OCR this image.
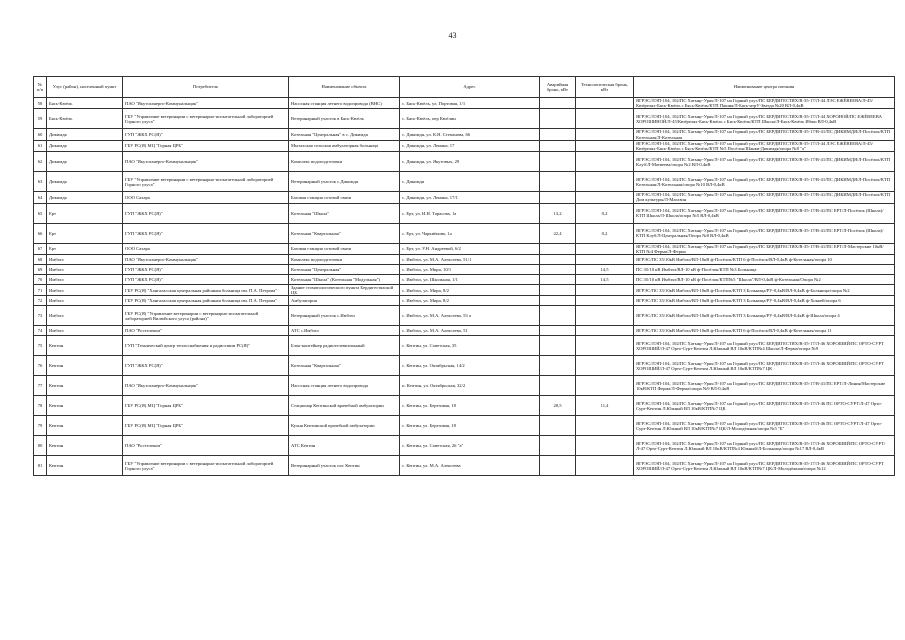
43
№ п/п	Улус (район), населенный пункт	Потребитель	Наименование объекта	Адрес	Аварийная бронь, кВт	Технологическая бронь, кВт	Наименование центра питания
58	Бясь-Кюёль	ПАО "Якутскэнерго-Коммунальщик"	Насосная станция летнего водопровода (ВНС)	с. Бясь-Кюёль, ул. Портовая, 1/1			ЯГРЭС/ЛЭП-104, 102/ПС Хатыңг-Урях/Л-107 на Горный улус/ПС БЕРДИГЕСТЯХ/В-35-17/Л-44 ЛЭС ЕЖЁВЕЕВА/Л-45/Кюёрелях-Бясь-Кюёль с Бясь-Кюёль/КТП Пашня/Л-Бясь-нтрУ-Звезда №20 ВЛ-0,4кВ
59	Бясь-Кюёль	ГБУ "Управление ветеринарии с ветеринарно-испытательной лабораторией Горного улуса"	Ветеринарный участок в Бясь-Кюёль	с. Бясь-Кюёль, пер Кюёлин			ЯГРЭС/ЛЭП-104, 102/ПС Хатыңг-Урях/Л-107 на Горный улус/ПС БЕРДИГЕСТЯХ/В-35-17/Л-44 ХОРОНОЙ/ПС ЕЖЁВЕЕВА ХОРОШИНОЙ/Л-45/Кюёрелях-Бясь-Кюёль с Бясь-Кюёль/КТП Школа/Л-Бясь-Кюёль Ибжи ВЛ-0,4кВ
60	Дикимдя	ГУП "ЖКХ РС(Я)"	Котельная "Центральная" в с. Дикимдя	с. Дикимдя, ул. К.Н. Степанова, 66			ЯГРЭС/ЛЭП-104, 102/ПС Хатыңг-Урях/Л-107 на Горный улус/ПС БЕРДИГЕСТЯХ/В-35-17/В-41/ПС ДИКИМДЯ/Л-Посёлок/КТП Котельная/Л-Котельная
61	Дикимдя	ГБУ РС(Я) МЦ "Горная ЦРБ"	Мытахская сельская амбулаторная больница	с. Дикимдя, ул. Ленина, 17			ЯГРЭС/ЛЭП-104, 102/ПС Хатыңг-Урях/Л-107 на Горный улус/ПС БЕРДИГЕСТЯХ/В-35-17/Л-44 ЛЭС ЕЖЁВЕЕВА/Л-45/Кюёрелях-Бясь-Кюёль с Бясь-Кюёль/КТП №5 Посёлок/Шанки-Дикимдя/опора №8 "а"
62	Дикимдя	ПАО "Якутскэнерго-Коммунальщик"	Комплекс водоподготовки	с. Дикимдя, ул. Якутовых, 29			ЯГРЭС/ЛЭП-104, 102/ПС Хатыңг-Урях/Л-107 на Горный улус/ПС БЕРДИГЕСТЯХ/В-35-17/В-41/ПС ДИКИМДЯ/Л-Посёлок/КТП Клуб/Л-Матвеева/опора №2 ВЛ-0,4кВ
63	Дикимдя	ГБУ "Управление ветеринарии с ветеринарно-испытательной лабораторией Горного улуса"	Ветеринарный участок с.Дикимдя	с. Дикимдя			ЯГРЭС/ЛЭП-104, 102/ПС Хатыңг-Урях/Л-107 на Горный улус/ПС БЕРДИГЕСТЯХ/В-35-17/В-41/ПС ДИКИМДЯ/Л-Посёлок/КТП Котельная/Л-Котельная/опора №10 ВЛ-0,4кВ
64	Дикимдя	ООО Сахара	Базовая станция сотовой связи	с. Дикимдя, ул. Ленина, 17/1			ЯГРЭС/ЛЭП-104, 102/ПС Хатыңг-Урях/Л-107 на Горный улус/ПС БЕРДИГЕСТЯХ/В-35-17/В-41/ПС ДИКИМДЯ/Л-Посёлок/КТП Дом культуры/Л-Магазин
65	Ерт	ГУП "ЖКХ РС(Я)"	Котельная "Школа"	с. Ерт, ул. И.Н. Тарасова, 1а	13,2	0,2	ЯГРЭС/ЛЭП-104, 102/ПС Хатыңг-Урях/Л-107 на Горный улус/ПС БЕРДИГЕСТЯХ/В-35-17/В-41/ПС ЕРТ/Л-Посёлок (Школа)/КТП Школа/Л-Школа/опора №5 ВЛ-0,4кВ
66	Ерт	ГУП "ЖКХ РС(Я)"	Котельная "Квартальная"	с. Ерт, ул. Чаркиёнова, 1а	22,4	0,2	ЯГРЭС/ЛЭП-104, 102/ПС Хатыңг-Урях/Л-107 на Горный улус/ПС БЕРДИГЕСТЯХ/В-35-17/В-41/ПС ЕРТ/Л-Посёлок (Школа)/КТП Клуб/Л-Центральная/Опора №8 ВЛ-0,4кВ
67	Ерт	ООО Сахара	Базовая станция сотовой связи	с. Ерт, ул. У.Н. Андреевой, 6/2			ЯГРЭС/ЛЭП-104, 102/ПС Хатыңг-Урях/Л-107 на Горный улус/ПС БЕРДИГЕСТЯХ/В-35-17/В-41/ПС ЕРТ/Л-Мастерские 10кВ/КТП №4 Ферма/Л-Ферма
68	Имбэхэ	ПАО "Якутскэнерго-Коммунальщик"	Комплекс водоподготовки	с. Имбэхэ, ул. М.А. Алексеева, 51/1			ЯГРЭС/ПС 35/10кВ Имбэхэ/ВЛ-10кВ ф-Посёлок/КТП 6 ф-Посёлок/ВЛ-0,4кВ ф-Котельная/опора 10
69	Имбэхэ	ГУП "ЖКХ РС(Я)"	Котельная "Центральная"	с. Имбэхэ, ул. Мира, 10/1		14,5	ПС 35/10 кВ Имбэхэ/ВЛ-10 кВ ф-Посёлок/КТП №3 Больница
70	Имбэхэ	ГУП "ЖКХ РС(Я)"	Котельная "Школа" (Котельная "Модульная")	с. Имбэхэ, ул. Школьная, 1/1		14,5	ПС 35/10 кВ Имбэхэ/ВЛ-10 кВ ф-Посёлок/КТП№5 "Школа"/ВЛ-0,4кВ ф-Котельная/Опора №2
71	Имбэхэ	ГБУ РС(Я) "Хангаласская центральная районная больница им. П.А. Петрова"	Здание стоматологического пункта Бердигестяхской ЦБ	с. Имбэхэ, ул. Мира, 8/2			ЯГРЭС/ПС 35/10кВ Имбэхэ/ВЛ-10кВ ф-Посёлок/КТП 3 Больница/РУ-0,4кВ/ВЛ-0,4кВ ф-Больница/опора №2
72	Имбэхэ	ГБУ РС(Я) "Хангаласская центральная районная больница им. П.А. Петрова"	Амбулатория	с. Имбэхэ, ул. Мира, 8/2			ЯГРЭС/ПС 35/10кВ Имбэхэ/ВЛ-10кВ ф-Посёлок/КТП 3 Больница/РУ-0,4кВ/ВЛ-0,4кВ ф-Хоккей/опора 6
73	Имбэхэ	ГБУ РС(Я) "Управление ветеринарии с ветеринарно-испытательной лабораторией Вилюйского улуса (района)"	Ветеринарный участок с.Имбэхэ	с. Имбэхэ, ул. М.А. Алексеева, 53 а			ЯГРЭС/ПС 35/10кВ Имбэхэ/ВЛ-10кВ ф-Посёлок/КТП 3 Больница/РУ-0,4кВ/ВЛ-0,4кВ ф-Школа/опора 4
74	Имбэхэ	ПАО "Ростелеком"	АТС с.Имбэхэ	с. Имбэхэ, ул. М.А. Алексеева, 51			ЯГРЭС/ПС 35/10кВ Имбэхэ/ВЛ-10кВ ф-Посёлок/КТП 6 ф-Посёлок/ВЛ-0,4кВ ф-Котельная/опора 11
75	Кептин	ГУП "Технический центр теплоснабжения и радиосвязи РС(Я)"	Блок-контейнер радиотелевизионный	с. Кептин, ул. Советская, 35			ЯГРЭС/ЛЭП-104, 102/ПС Хатыңг-Урях/Л-107 на Горный улус/ПС БЕРДИГЕСТЯХ/В-35-17/Л-46 ХОРОШИЙ/ПС ОРТО-СУРТ ХОРОШИЙ/Л-47 Орто-Сурт-Кептин Л.Южный ВЛ 10кВ/КТП№4 Школа/Л-Ферма/опора №9
76	Кептин	ГУП "ЖКХ РС(Я)"	Котельная "Квартальная"	с. Кептин, ул. Октябрьская, 14/2			ЯГРЭС/ЛЭП-104, 102/ПС Хатыңг-Урях/Л-107 на Горный улус/ПС БЕРДИГЕСТЯХ/В-35-17/Л-46 ХОРОШИЙ/ПС ОРТО-СУРТ ХОРОШИЙ/Л-47 Орто-Сурт-Кептин Л.Южный ВЛ 10кВ/КТП№7 ЦК
77	Кептин	ПАО "Якутскэнерго-Коммунальщик"	Насосная станция летнего водопровода	п. Кептин, ул. Октябрьская, 32/2			ЯГРЭС/ЛЭП-104, 102/ПС Хатыңг-Урях/Л-107 на Горный улус/ПС БЕРДИГЕСТЯХ/В-35-17/В-41/ПС ЕРТ/Л-Линия/Мастерские 10кВ/КТП Ферма/Л-Ферма/опора №9 ВЛ-0,4кВ
78	Кептин	ГБУ РС(Я) МЦ "Горная ЦРБ"	Стационар Кептинской врачебной амбулатории	с. Кептин, ул. Березовая, 18	28,5	11,4	ЯГРЭС/ЛЭП-104, 102/ПС Хатыңг-Урях/Л-107 на Горный улус/ПС БЕРДИГЕСТЯХ/В-35-17/Л-46 ПС ОРТО-СУРТ/Л-47 Орто-Сурт-Кептин Л.Южный ВЛ 10кВ/КТП№7 ЦК
79	Кептин	ГБУ РС(Я) МЦ "Горная ЦРБ"	Кухня Кептинской врачебной амбулатории	с. Кептин, ул. Березовая, 18			ЯГРЭС/ЛЭП-104, 102/ПС Хатыңг-Урях/Л-107 на Горный улус/ПС БЕРДИГЕСТЯХ/В-35-17/Л-46 ПС ОРТО-СУРТ/Л-47 Орто-Сурт-Кептин Л.Южный ВЛ 10кВ/КТП№7 ЦК/Л-Молодёжная/опора №5 "Б"
80	Кептин	ПАО "Ростелеком"	АТС Кептин	с. Кептин, ул. Советская, 26 "а"			ЯГРЭС/ЛЭП-104, 102/ПС Хатыңг-Урях/Л-107 на Горный улус/ПС БЕРДИГЕСТЯХ/В-35-17/Л-46 ХОРОШИЙ/ПС ОРТО-СУРТ/Л-47 Орто-Сурт-Кептин Л.Южный ВЛ 10кВ/КТП№4 Южный/Л-Больница/опора №17 ВЛ-0,4кВ
81	Кептин	ГБУ "Управление ветеринарии с ветеринарно-испытательной лабораторией Горного улуса"	Ветеринарный участок пос Кептин	с. Кептин, ул. М.А. Алексеева			ЯГРЭС/ЛЭП-104, 102/ПС Хатыңг-Урях/Л-107 на Горный улус/ПС БЕРДИГЕСТЯХ/В-35-17/Л-46 ХОРОШИЙ/ПС ОРТО-СУРТ ХОРОШИЙ/Л-47 Орто-Сурт-Кептин Л.Южный ВЛ 10кВ/КТП№7 ЦК/Л-Молодёжная/опора №12
